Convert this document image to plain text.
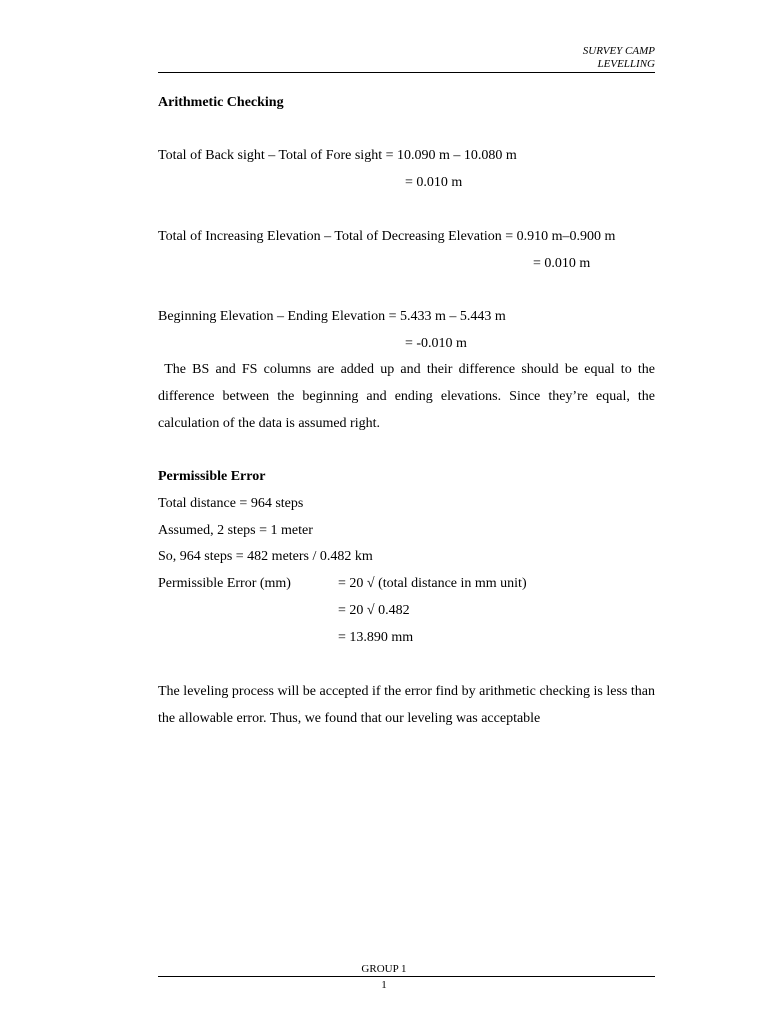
SURVEY CAMP
LEVELLING
Arithmetic Checking
Total of Back sight – Total of Fore sight = 10.090 m – 10.080 m
= 0.010 m
Total of Increasing Elevation – Total of Decreasing Elevation = 0.910 m–0.900 m
= 0.010 m
Beginning Elevation – Ending Elevation = 5.433 m – 5.443 m
= -0.010 m
The BS and FS columns are added up and their difference should be equal to the difference between the beginning and ending elevations. Since they’re equal, the calculation of the data is assumed right.
Permissible Error
Total distance = 964 steps
Assumed, 2 steps = 1 meter
So, 964 steps = 482 meters / 0.482 km
Permissible Error (mm)	= 20 √ (total distance in mm unit)
= 20 √ 0.482
= 13.890 mm
The leveling process will be accepted if the error find by arithmetic checking is less than the allowable error. Thus, we found that our leveling was acceptable
GROUP 1
1
